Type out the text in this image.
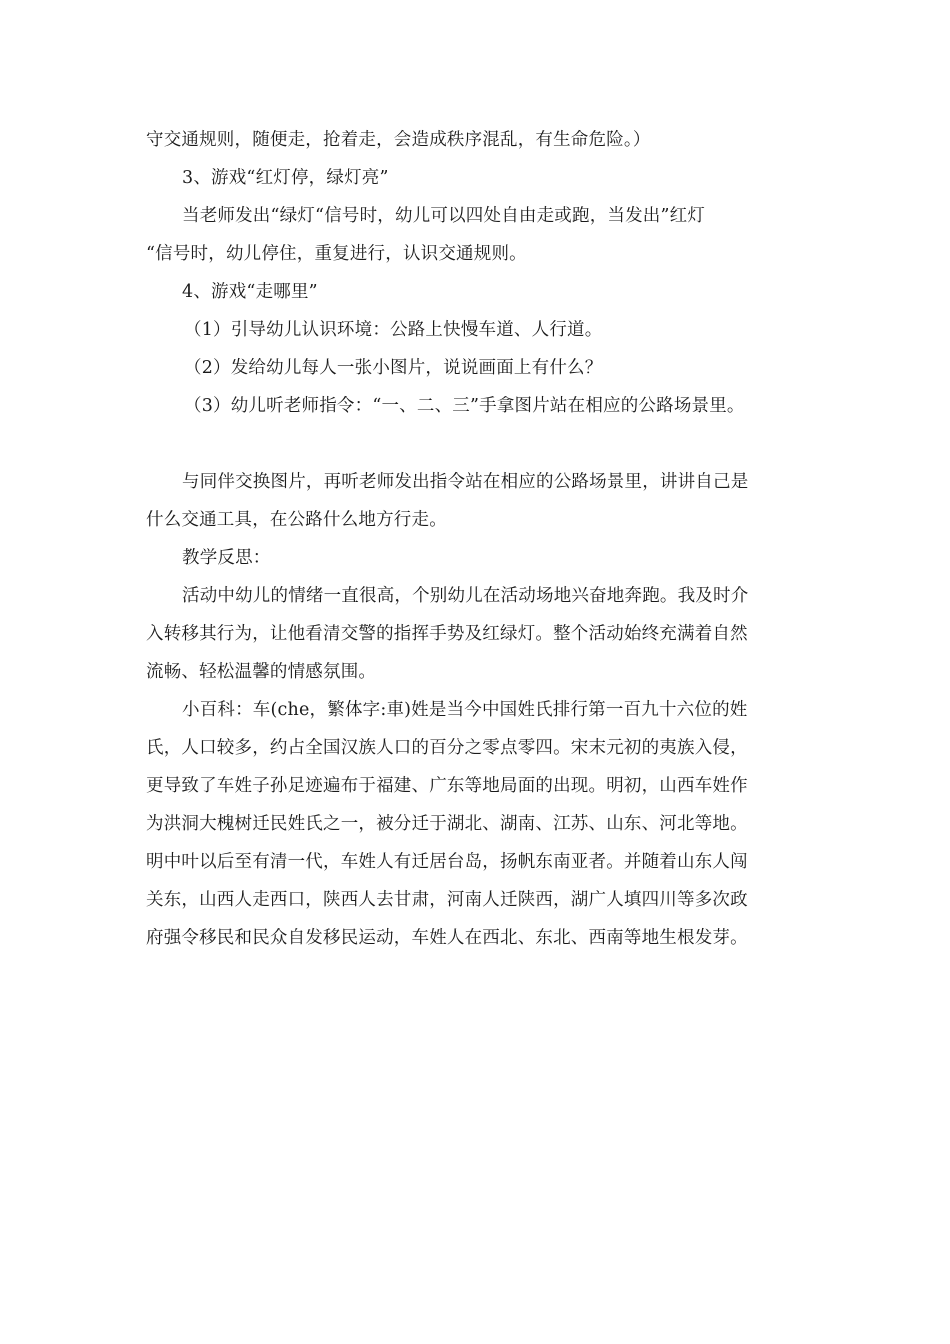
守交通规则，随便走，抢着走，会造成秩序混乱，有生命危险。）
3、游戏“红灯停，绿灯亮”
当老师发出“绿灯“信号时，幼儿可以四处自由走或跑，当发出”红灯
“信号时，幼儿停住，重复进行，认识交通规则。
4、游戏“走哪里”
（1）引导幼儿认识环境：公路上快慢车道、人行道。
（2）发给幼儿每人一张小图片，说说画面上有什么？
（3）幼儿听老师指令：“一、二、三”手拿图片站在相应的公路场景里。
与同伴交换图片，再听老师发出指令站在相应的公路场景里，讲讲自己是
什么交通工具，在公路什么地方行走。
教学反思：
活动中幼儿的情绪一直很高，个别幼儿在活动场地兴奋地奔跑。我及时介
入转移其行为，让他看清交警的指挥手势及红绿灯。整个活动始终充满着自然
流畅、轻松温馨的情感氛围。
小百科：车(che，繁体字:車)姓是当今中国姓氏排行第一百九十六位的姓
氏，人口较多，约占全国汉族人口的百分之零点零四。宋末元初的夷族入侵，
更导致了车姓子孙足迹遍布于福建、广东等地局面的出现。明初，山西车姓作
为洪洞大槐树迁民姓氏之一，被分迁于湖北、湖南、江苏、山东、河北等地。
明中叶以后至有清一代，车姓人有迁居台岛，扬帆东南亚者。并随着山东人闯
关东，山西人走西口，陕西人去甘肃，河南人迁陕西，湖广人填四川等多次政
府强令移民和民众自发移民运动，车姓人在西北、东北、西南等地生根发芽。
